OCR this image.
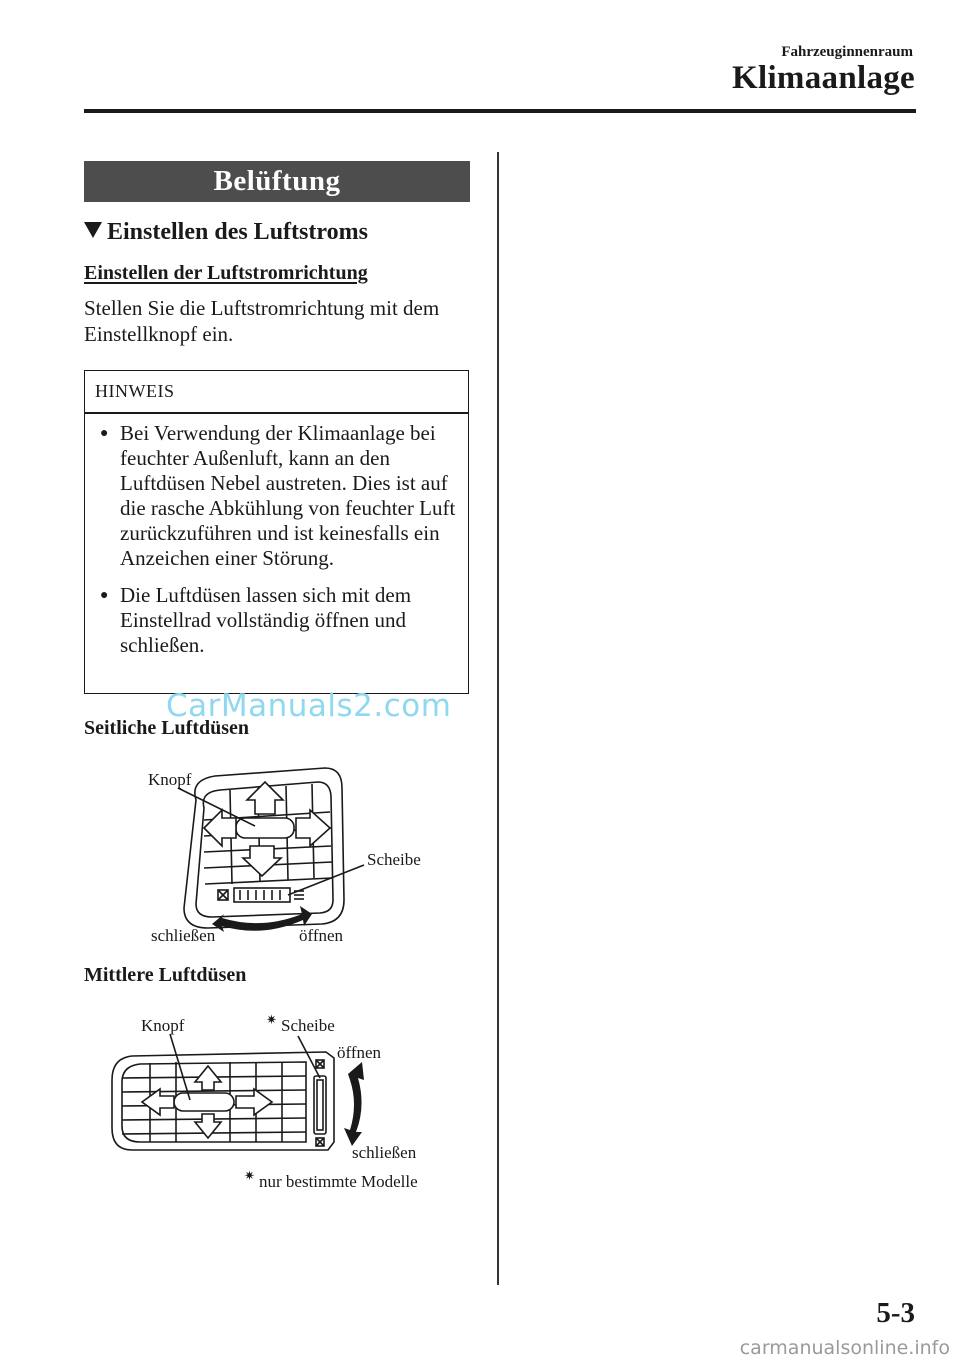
Fahrzeuginnenraum
Klimaanlage
Belüftung
Einstellen des Luftstroms
Einstellen der Luftstromrichtung
Stellen Sie die Luftstromrichtung mit dem Einstellknopf ein.
HINWEIS
● Bei Verwendung der Klimaanlage bei feuchter Außenluft, kann an den Luftdüsen Nebel austreten. Dies ist auf die rasche Abkühlung von feuchter Luft zurückzuführen und ist keinesfalls ein Anzeichen einer Störung.
● Die Luftdüsen lassen sich mit dem Einstellrad vollständig öffnen und schließen.
CarManuals2.com
Seitliche Luftdüsen
Knopf
Scheibe
schließen	öffnen
Mittlere Luftdüsen
Knopf	✷ Scheibe
öffnen
schließen
✷ nur bestimmte Modelle
5-3
carmanualsonline.info
